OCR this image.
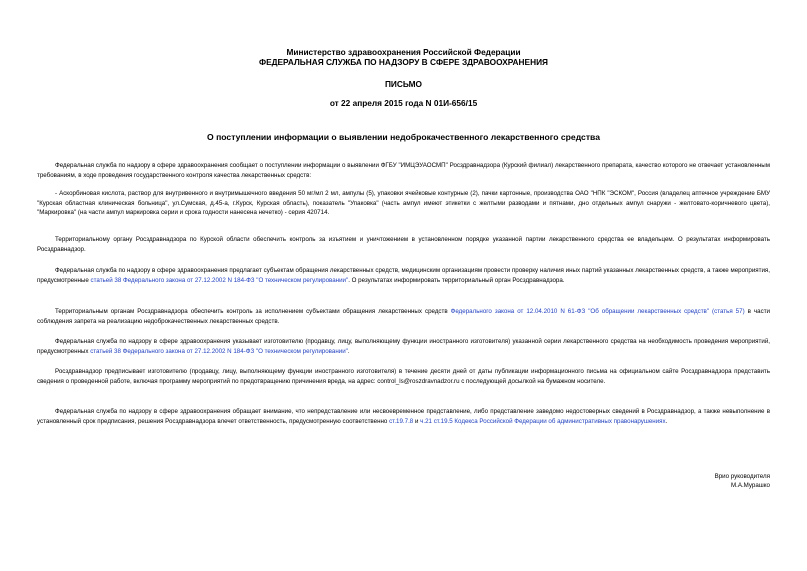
Министерство здравоохранения Российской Федерации
ФЕДЕРАЛЬНАЯ СЛУЖБА ПО НАДЗОРУ В СФЕРЕ ЗДРАВООХРАНЕНИЯ
ПИСЬМО
от 22 апреля 2015 года N 01И-656/15
О поступлении информации о выявлении недоброкачественного лекарственного средства
Федеральная служба по надзору в сфере здравоохранения сообщает о поступлении информации о выявлении ФГБУ "ИМЦЭУАОСМП" Росздравнадзора (Курский филиал) лекарственного препарата, качество которого не отвечает установленным требованиям, в ходе проведения государственного контроля качества лекарственных средств:
- Аскорбиновая кислота, раствор для внутривенного и внутримышечного введения 50 мг/мл 2 мл, ампулы (5), упаковки ячейковые контурные (2), пачки картонные, производства ОАО "НПК "ЭСКОМ", Россия (владелец аптечное учреждение БМУ "Курская областная клиническая больница", ул.Сумская, д.45-а, г.Курск, Курская область), показатель "Упаковка" (часть ампул имеют этикетки с желтыми разводами и пятнами, дно отдельных ампул снаружи - желтовато-коричневого цвета), "Маркировка" (на части ампул маркировка серии и срока годности нанесена нечетко) - серия 420714.
Территориальному органу Росздравнадзора по Курской области обеспечить контроль за изъятием и уничтожением в установленном порядке указанной партии лекарственного средства ее владельцем. О результатах информировать Росздравнадзор.
Федеральная служба по надзору в сфере здравоохранения предлагает субъектам обращения лекарственных средств, медицинским организациям провести проверку наличия иных партий указанных лекарственных средств, а также мероприятия, предусмотренные статьей 38 Федерального закона от 27.12.2002 N 184-ФЗ "О техническом регулировании". О результатах информировать территориальный орган Росздравнадзора.
Территориальным органам Росздравнадзора обеспечить контроль за исполнением субъектами обращения лекарственных средств Федерального закона от 12.04.2010 N 61-ФЗ "Об обращении лекарственных средств" (статья 57) в части соблюдения запрета на реализацию недоброкачественных лекарственных средств.
Федеральная служба по надзору в сфере здравоохранения указывает изготовителю (продавцу, лицу, выполняющему функции иностранного изготовителя) указанной серии лекарственного средства на необходимость проведения мероприятий, предусмотренных статьей 38 Федерального закона от 27.12.2002 N 184-ФЗ "О техническом регулировании".
Росздравнадзор предписывает изготовителю (продавцу, лицу, выполняющему функции иностранного изготовителя) в течение десяти дней от даты публикации информационного письма на официальном сайте Росздравнадзора представить сведения о проведенной работе, включая программу мероприятий по предотвращению причинения вреда, на адрес: control_ls@roszdravnadzor.ru с последующей досылкой на бумажном носителе.
Федеральная служба по надзору в сфере здравоохранения обращает внимание, что непредставление или несвоевременное представление, либо представление заведомо недостоверных сведений в Росздравнадзор, а также невыполнение в установленный срок предписания, решения Росздравнадзора влечет ответственность, предусмотренную соответственно ст.19.7.8 и ч.21 ст.19.5 Кодекса Российской Федерации об административных правонарушениях.
Врио руководителя
М.А.Мурашко
